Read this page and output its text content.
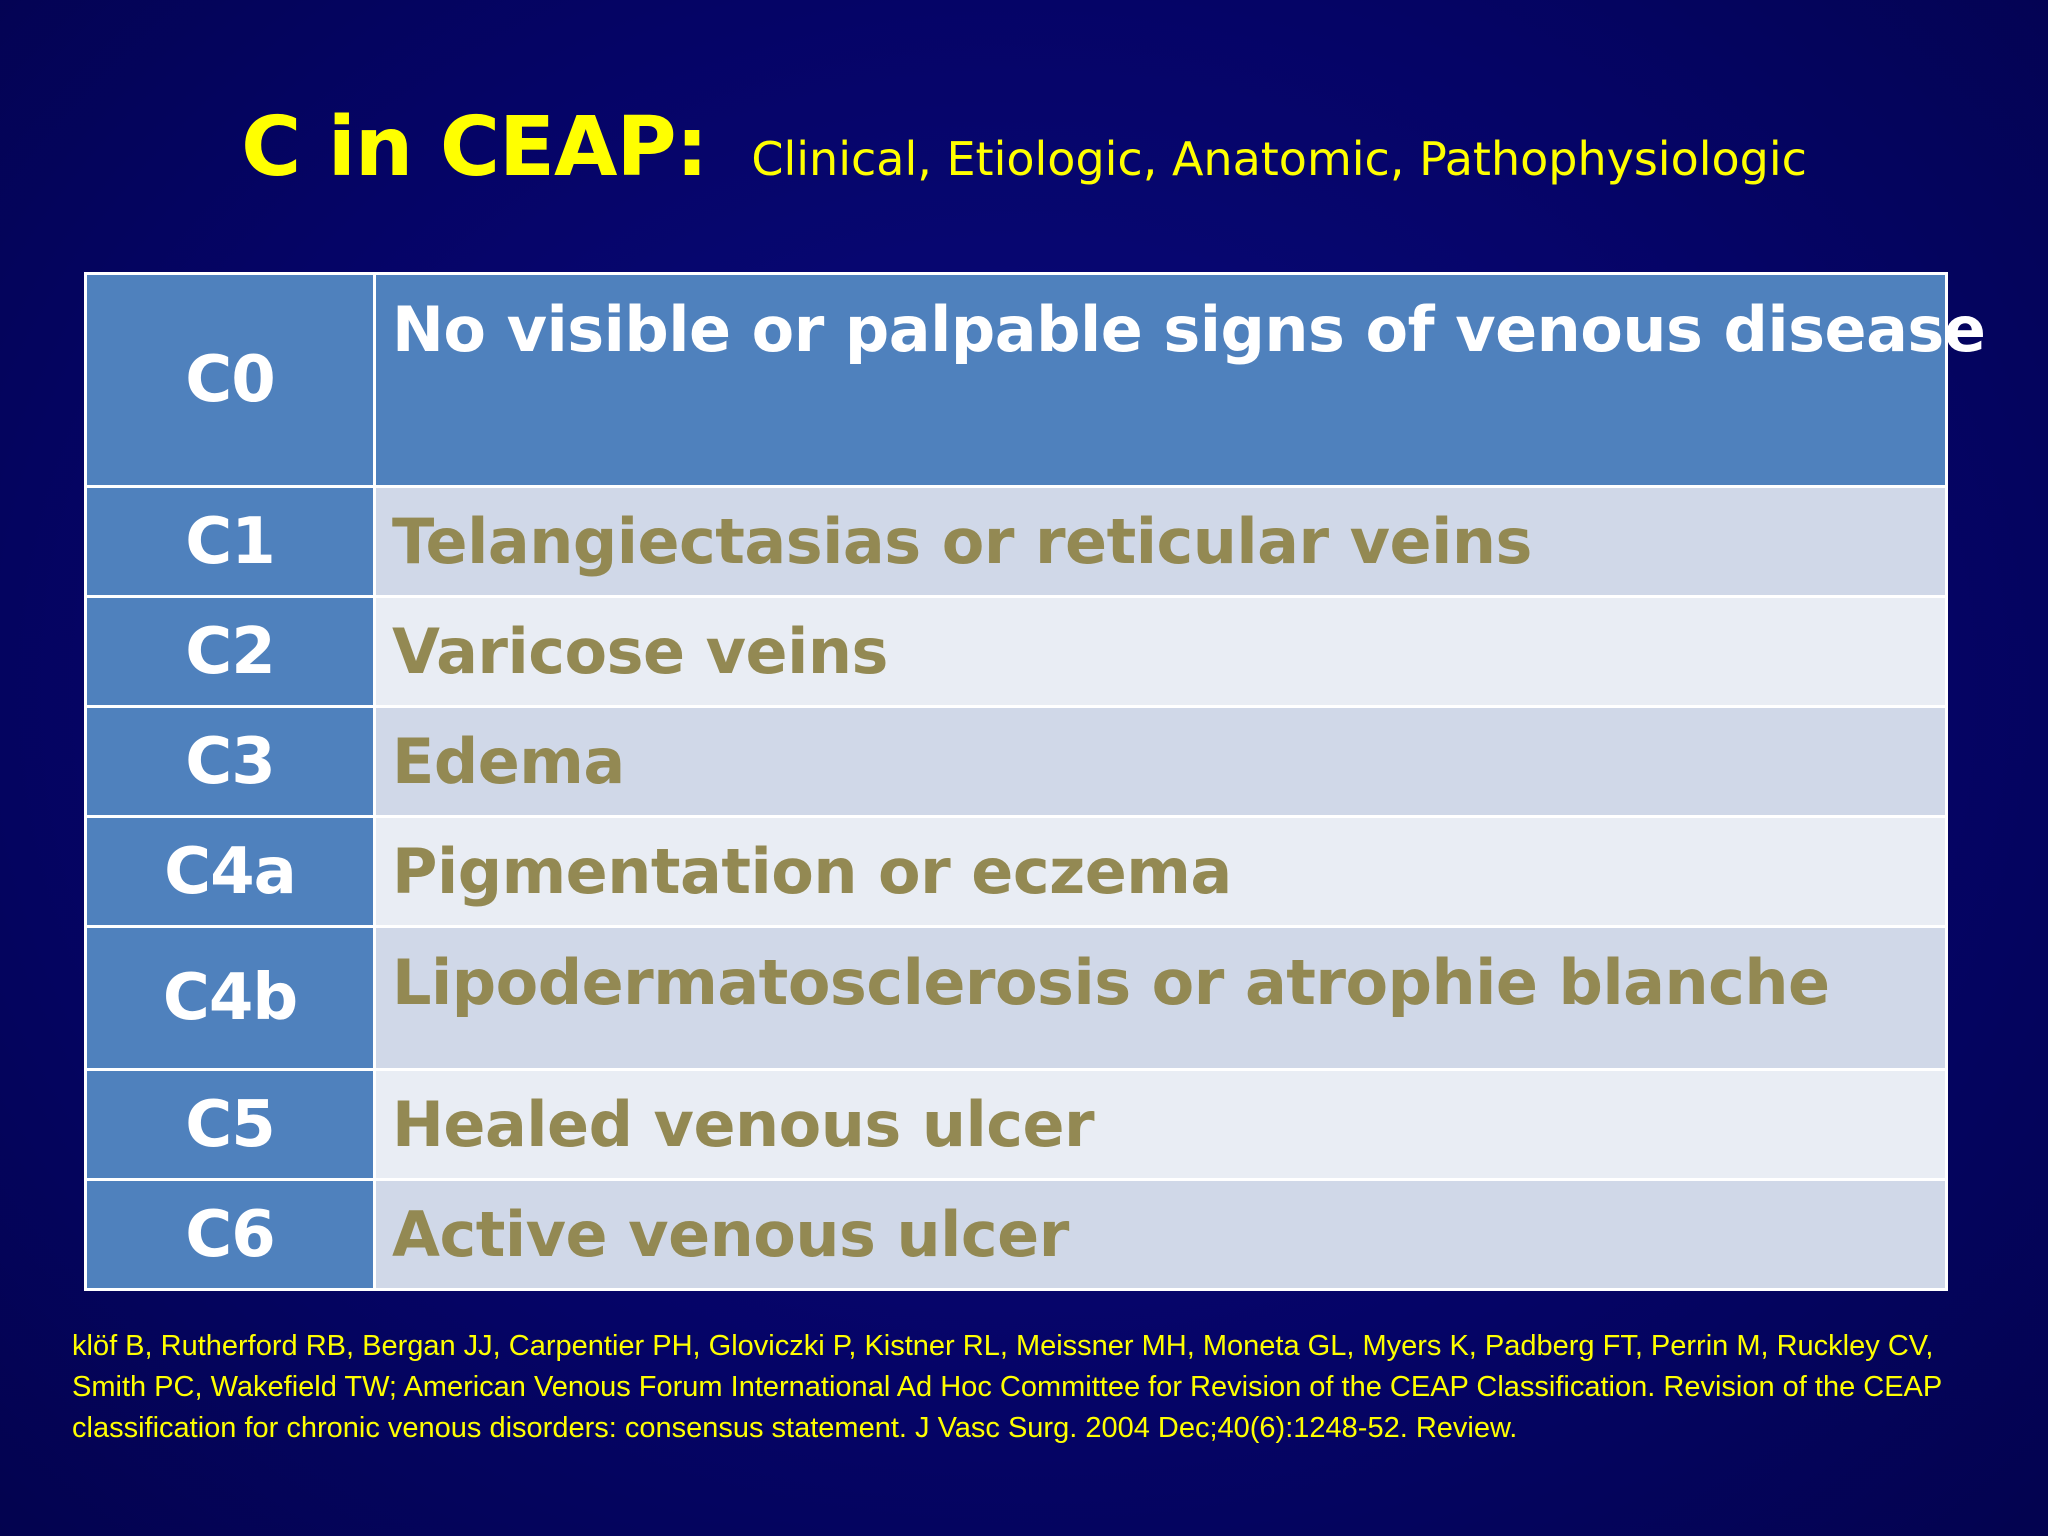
C in CEAP: Clinical, Etiologic, Anatomic, Pathophysiologic
C0	No visible or palpable signs of venous disease
C1	Telangiectasias or reticular veins
C2	Varicose veins
C3	Edema
C4a	Pigmentation or eczema
C4b	Lipodermatosclerosis or atrophie blanche
C5	Healed venous ulcer
C6	Active venous ulcer
klöf B, Rutherford RB, Bergan JJ, Carpentier PH, Gloviczki P, Kistner RL, Meissner MH, Moneta GL, Myers K, Padberg FT, Perrin M, Ruckley CV, Smith PC, Wakefield TW; American Venous Forum International Ad Hoc Committee for Revision of the CEAP Classification. Revision of the CEAP classification for chronic venous disorders: consensus statement. J Vasc Surg. 2004 Dec;40(6):1248-52. Review.
